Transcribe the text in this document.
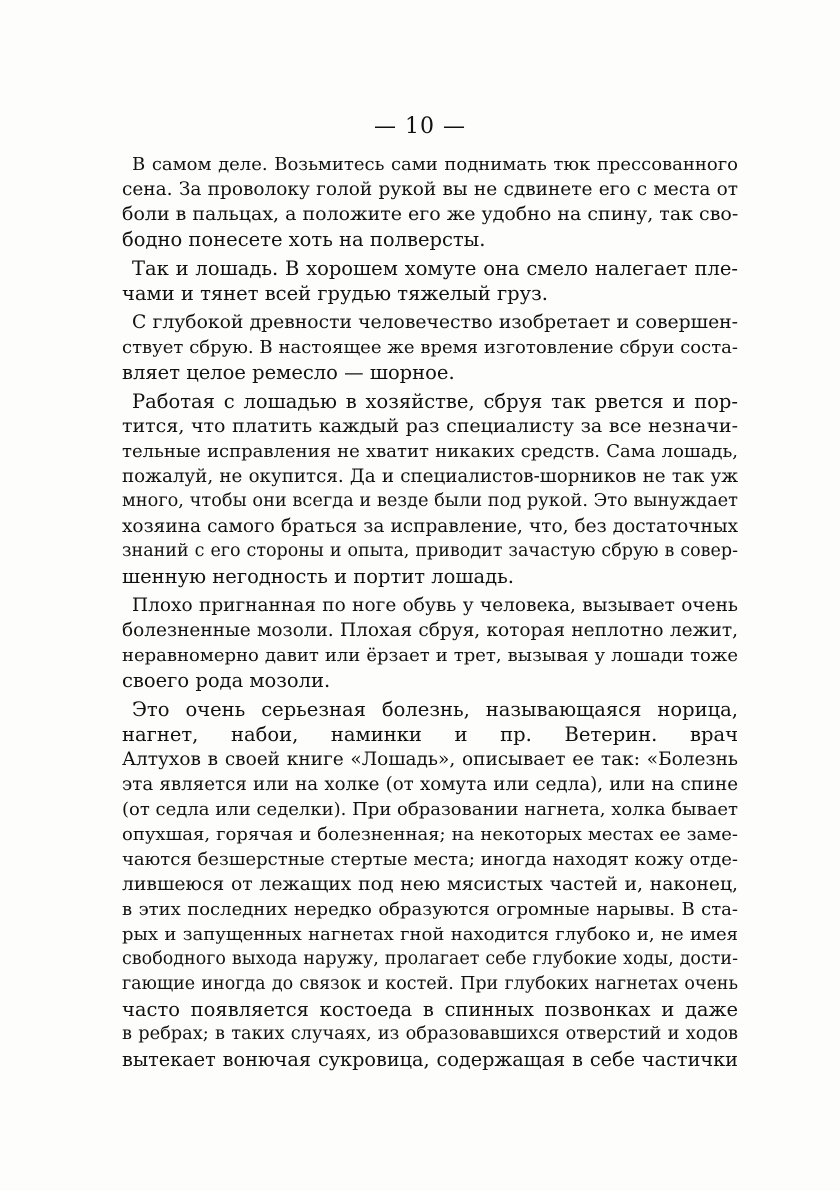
— 10 —
В самом деле. Возьмитесь сами поднимать тюк прессованного
сена. За проволоку голой рукой вы не сдвинете его с места от
боли в пальцах, а положите его же удобно на спину, так сво-
бодно понесете хоть на полверсты.
Так и лошадь. В хорошем хомуте она смело налегает пле-
чами и тянет всей грудью тяжелый груз.
С глубокой древности человечество изобретает и совершен-
ствует сбрую. В настоящее же время изготовление сбруи соста-
вляет целое ремесло — шорное.
Работая с лошадью в хозяйстве, сбруя так рвется и пор-
тится, что платить каждый раз специалисту за все незначи-
тельные исправления не хватит никаких средств. Сама лошадь,
пожалуй, не окупится. Да и специалистов-шорников не так уж
много, чтобы они всегда и везде были под рукой. Это вынуждает
хозяина самого браться за исправление, что, без достаточных
знаний с его стороны и опыта, приводит зачастую сбрую в совер-
шенную негодность и портит лошадь.
Плохо пригнанная по ноге обувь у человека, вызывает очень
болезненные мозоли. Плохая сбруя, которая неплотно лежит,
неравномерно давит или ёрзает и трет, вызывая у лошади тоже
своего рода мозоли.
Это очень серьезная болезнь, называющаяся норица,
нагнет, набои, наминки и пр. Ветерин. врач
Алтухов в своей книге «Лошадь», описывает ее так: «Болезнь
эта является или на холке (от хомута или седла), или на спине
(от седла или седелки). При образовании нагнета, холка бывает
опухшая, горячая и болезненная; на некоторых местах ее заме-
чаются безшерстные стертые места; иногда находят кожу отде-
лившеюся от лежащих под нею мясистых частей и, наконец,
в этих последних нередко образуются огромные нарывы. В ста-
рых и запущенных нагнетах гной находится глубоко и, не имея
свободного выхода наружу, пролагает себе глубокие ходы, дости-
гающие иногда до связок и костей. При глубоких нагнетах очень
часто появляется костоеда в спинных позвонках и даже
в ребрах; в таких случаях, из образовавшихся отверстий и ходов
вытекает вонючая сукровица, содержащая в себе частички
